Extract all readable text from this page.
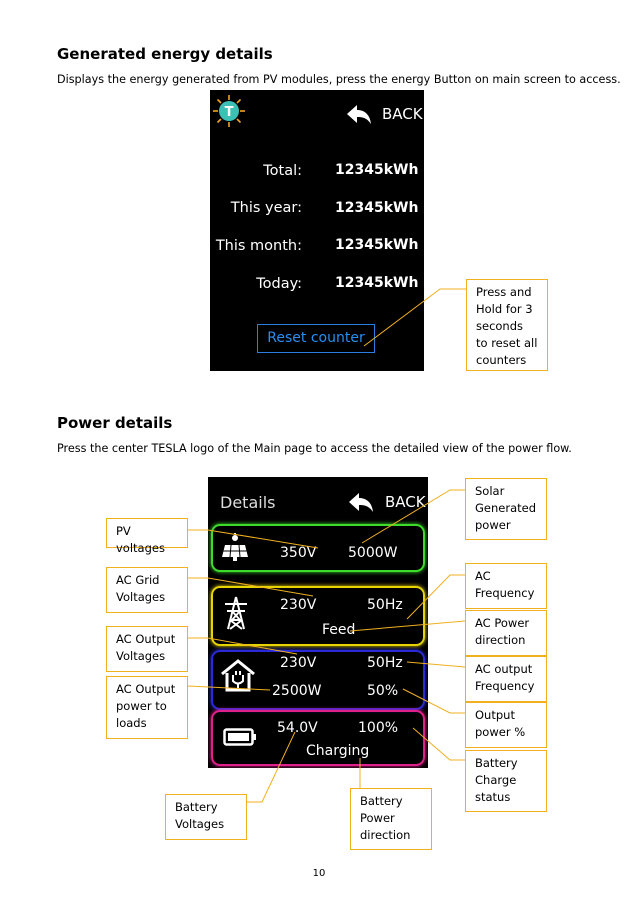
Generated energy details
Displays the energy generated from PV modules, press the energy Button on main screen to access.
T	BACK
Total: 12345kWh
This year: 12345kWh
This month: 12345kWh
Today: 12345kWh
Reset counter
Press and Hold for 3 seconds to reset all counters
Power details
Press the center TESLA logo of the Main page to access the detailed view of the power flow.
Details	BACK
350V 5000W
230V	50Hz
Feed
230V	50Hz
2500W	50%
54.0V	100%
Charging
PV voltages
AC Grid Voltages
AC Output Voltages
AC Output power to loads
Battery Voltages
Battery Power direction
Solar Generated power
AC Frequency
AC Power direction
AC output Frequency
Output power %
Battery Charge status
10
